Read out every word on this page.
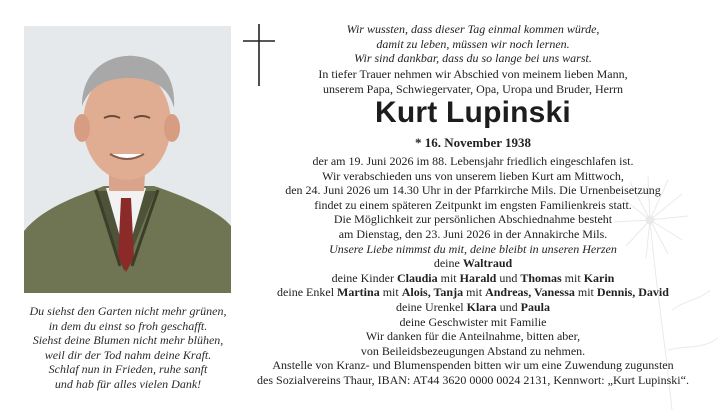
Wir wussten, dass dieser Tag einmal kommen würde,
damit zu leben, müssen wir noch lernen.
Wir sind dankbar, dass du so lange bei uns warst.
In tiefer Trauer nehmen wir Abschied von meinem lieben Mann,
unserem Papa, Schwiegervater, Opa, Uropa und Bruder, Herrn
Kurt Lupinski
* 16. November 1938
der am 19. Juni 2026 im 88. Lebensjahr friedlich eingeschlafen ist.
Wir verabschieden uns von unserem lieben Kurt am Mittwoch,
den 24. Juni 2026 um 14.30 Uhr in der Pfarrkirche Mils. Die Urnenbeisetzung
findet zu einem späteren Zeitpunkt im engsten Familienkreis statt.
Die Möglichkeit zur persönlichen Abschiednahme besteht
am Dienstag, den 23. Juni 2026 in der Annakirche Mils.
Unsere Liebe nimmst du mit, deine bleibt in unseren Herzen
deine Waltraud
deine Kinder Claudia mit Harald und Thomas mit Karin
deine Enkel Martina mit Alois, Tanja mit Andreas, Vanessa mit Dennis, David
deine Urenkel Klara und Paula
deine Geschwister mit Familie
Wir danken für die Anteilnahme, bitten aber,
von Beileidsbezeugungen Abstand zu nehmen.
Anstelle von Kranz- und Blumenspenden bitten wir um eine Zuwendung zugunsten
des Sozialvereins Thaur, IBAN: AT44 3620 0000 0024 2131, Kennwort: „Kurt Lupinski“.
Du siehst den Garten nicht mehr grünen,
in dem du einst so froh geschafft.
Siehst deine Blumen nicht mehr blühen,
weil dir der Tod nahm deine Kraft.
Schlaf nun in Frieden, ruhe sanft
und hab für alles vielen Dank!
